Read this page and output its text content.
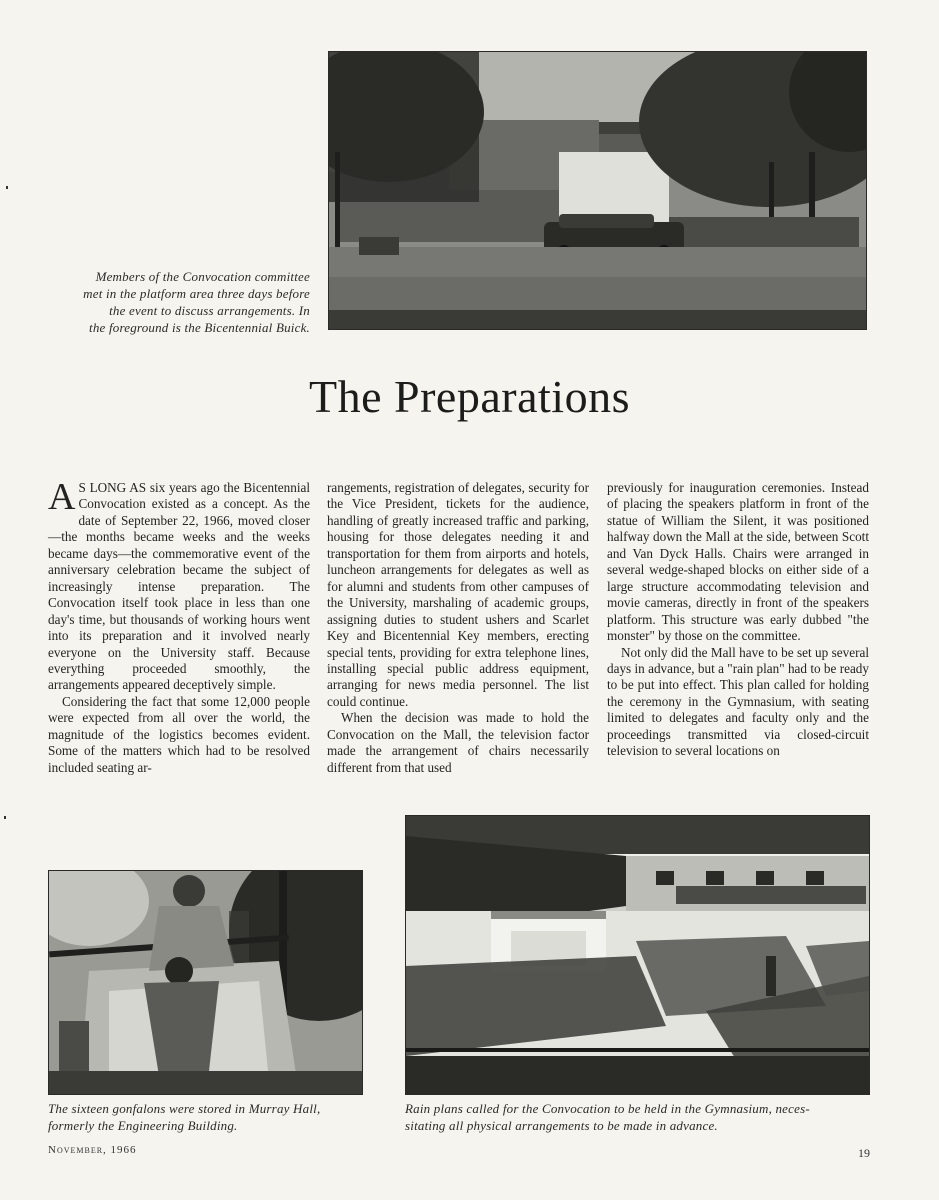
Members of the Convocation committee
met in the platform area three days before
the event to discuss arrangements. In
the foreground is the Bicentennial Buick.
The Preparations

A S LONG AS six years ago the Bicentennial Convocation existed as a concept. As the date of September 22, 1966, moved closer—the months became weeks and the weeks became days—the commemorative event of the anniversary celebration became the subject of increasingly intense preparation. The Convocation itself took place in less than one day's time, but thousands of working hours went into its preparation and it involved nearly everyone on the University staff. Because everything proceeded smoothly, the arrangements appeared deceptively simple.

Considering the fact that some 12,000 people were expected from all over the world, the magnitude of the logistics becomes evident. Some of the matters which had to be resolved included seating ar-

rangements, registration of delegates, security for the Vice President, tickets for the audience, handling of greatly increased traffic and parking, housing for those delegates needing it and transportation for them from airports and hotels, luncheon arrangements for delegates as well as for alumni and students from other campuses of the University, marshaling of academic groups, assigning duties to student ushers and Scarlet Key and Bicentennial Key members, erecting special tents, providing for extra telephone lines, installing special public address equipment, arranging for news media personnel. The list could continue.

When the decision was made to hold the Convocation on the Mall, the television factor made the arrangement of chairs necessarily different from that used

previously for inauguration ceremonies. Instead of placing the speakers platform in front of the statue of William the Silent, it was positioned halfway down the Mall at the side, between Scott and Van Dyck Halls. Chairs were arranged in several wedge-shaped blocks on either side of a large structure accommodating television and movie cameras, directly in front of the speakers platform. This structure was early dubbed "the monster" by those on the committee.

Not only did the Mall have to be set up several days in advance, but a "rain plan" had to be ready to be put into effect. This plan called for holding the ceremony in the Gymnasium, with seating limited to delegates and faculty only and the proceedings transmitted via closed-circuit television to several locations on

The sixteen gonfalons were stored in Murray Hall,
formerly the Engineering Building.
Rain plans called for the Convocation to be held in the Gymnasium, neces-
sitating all physical arrangements to be made in advance.
November, 1966	19
